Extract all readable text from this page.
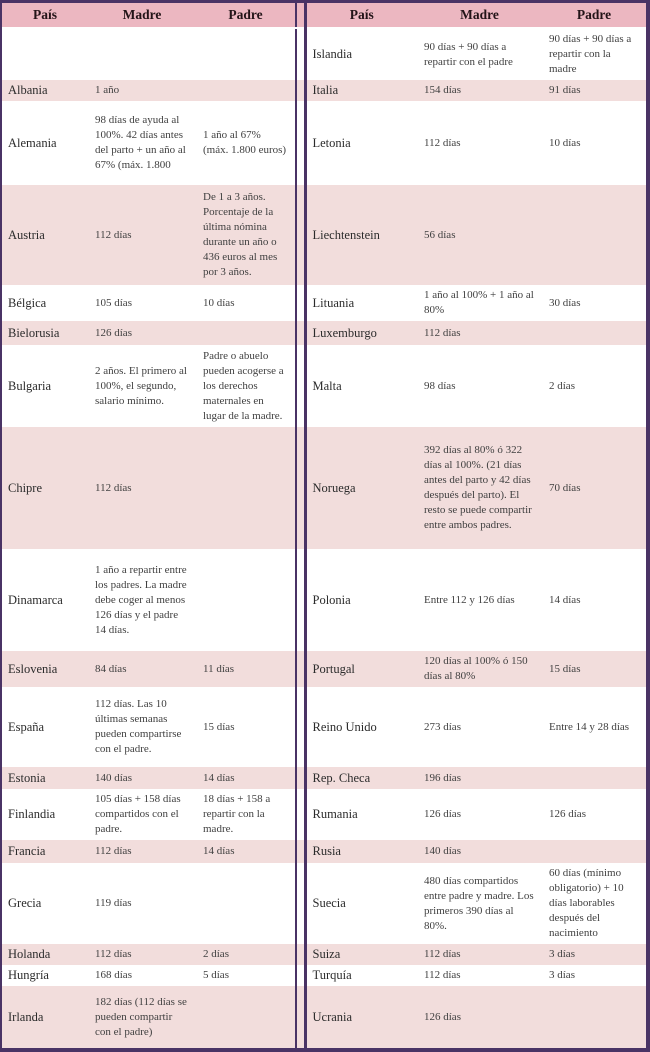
País	Madre	Padre		País	Madre	Padre
				Islandia	90 días + 90 días a repartir con el padre	90 días + 90 días a repartir con la madre
Albania	1 año			Italia	154 días	91 días
Alemania	98 días de ayuda al 100%. 42 días antes del parto + un año al 67% (máx. 1.800	1 año al 67% (máx. 1.800 euros)		Letonia	112 días	10 días
Austria	112 días	De 1 a 3 años. Porcentaje de la última nómina durante un año o 436 euros al mes por 3 años.		Liechtenstein	56 días	
Bélgica	105 días	10 días		Lituania	1 año al 100% + 1 año al 80%	30 días
Bielorusia	126 días			Luxemburgo	112 días	
Bulgaria	2 años. El primero al 100%, el segundo, salario mínimo.	Padre o abuelo pueden acogerse a los derechos maternales en lugar de la madre.		Malta	98 días	2 días
Chipre	112 días			Noruega	392 días al 80% ó 322 días al 100%. (21 días antes del parto y 42 días después del parto). El resto se puede compartir entre ambos padres.	70 días
Dinamarca	1 año a repartir entre los padres. La madre debe coger al menos 126 días y el padre 14 días.			Polonia	Entre 112 y 126 días	14 días
Eslovenia	84 días	11 días		Portugal	120 días al 100% ó 150 días al 80%	15 días
España	112 días. Las 10 últimas semanas pueden compartirse con el padre.	15 días		Reino Unido	273 días	Entre 14 y 28 días
Estonia	140 días	14 días		Rep. Checa	196 días	
Finlandia	105 días + 158 días compartidos con el padre.	18 días + 158 a repartir con la madre.		Rumania	126 días	126 días
Francia	112 días	14 días		Rusia	140 días	
Grecia	119 días			Suecia	480 días compartidos entre padre y madre. Los primeros 390 días al 80%.	60 días (mínimo obligatorio) + 10 días laborables después del nacimiento
Holanda	112 días	2 días		Suiza	112 días	3 días
Hungría	168 días	5 días		Turquía	112 días	3 días
Irlanda	182 días (112 días se pueden compartir con el padre)			Ucrania	126 días	
